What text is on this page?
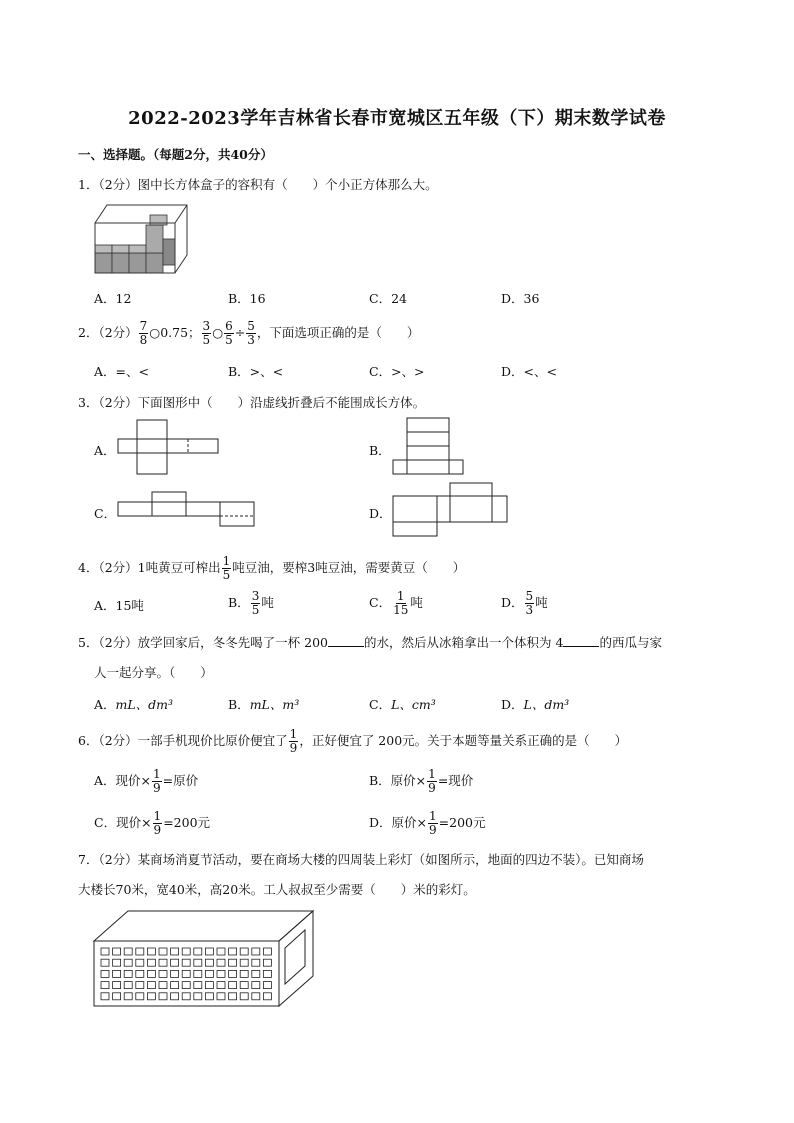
2022-2023学年吉林省长春市宽城区五年级（下）期末数学试卷
一、选择题。（每题2分，共40分）
1．（2分）图中长方体盒子的容积有（　　）个小正方体那么大。
A．12	B．16	C．24	D．36
2．（2分） $\frac{7}{8}$ ○0.75； $\frac{3}{5}$ ○ $\frac{6}{5} \div \frac{5}{3}$ ，下面选项正确的是（　　）
A．=、<	B．>、<	C．>、>	D．<、<
3．（2分）下面图形中（　　）沿虚线折叠后不能围成长方体。
A．	B．
C．	D．
4．（2分）1吨黄豆可榨出 $\frac{1}{5}$ 吨豆油，要榨3吨豆油，需要黄豆（　　）
A．15吨	B． $\frac{3}{5}$ 吨	C． $\frac{1}{15}$ 吨	D． $\frac{5}{3}$ 吨
5．（2分）放学回家后，冬冬先喝了一杯 200	的水，然后从冰箱拿出一个体积为 4	的西瓜与家
人一起分享。（　　）
A．mL、dm³	B．mL、m³	C．L、cm³	D．L、dm³
6．（2分）一部手机现价比原价便宜了 $\frac{1}{9}$ ，正好便宜了 200元。关于本题等量关系正确的是（　　）
A．现价× $\frac{1}{9}$ =原价	B．原价× $\frac{1}{9}$ =现价
C．现价× $\frac{1}{9} =200$元	D．原价× $\frac{1}{9} =200$元
7．（2分）某商场消夏节活动，要在商场大楼的四周装上彩灯（如图所示，地面的四边不装）。已知商场
大楼长70米，宽40米，高20米。工人叔叔至少需要（　　）米的彩灯。
